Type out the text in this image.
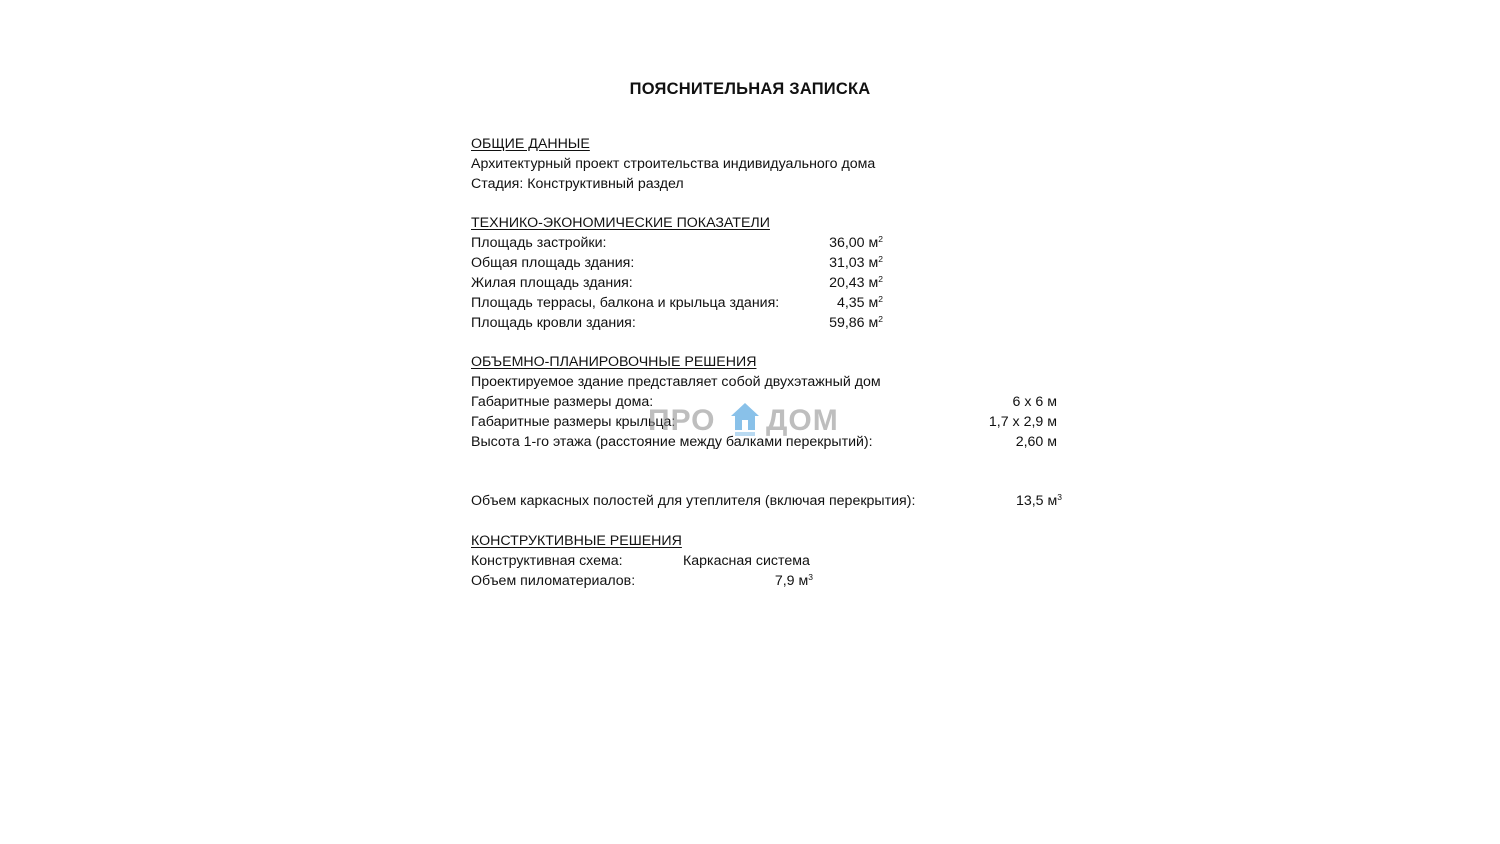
ПОЯСНИТЕЛЬНАЯ ЗАПИСКА
ОБЩИЕ ДАННЫЕ
Архитектурный проект строительства индивидуального дома
Стадия: Конструктивный раздел
ТЕХНИКО-ЭКОНОМИЧЕСКИЕ ПОКАЗАТЕЛИ
Площадь застройки:	36,00 $м^2$
Общая площадь здания:	31,03 $м^2$
Жилая площадь здания:	20,43 $м^2$
Площадь террасы, балкона и крыльца здания:	4,35 $м^2$
Площадь кровли здания:	59,86 $м^2$
ОБЪЕМНО-ПЛАНИРОВОЧНЫЕ РЕШЕНИЯ
Проектируемое здание представляет собой двухэтажный дом
Габаритные размеры дома:	6 х 6 м
Габаритные размеры крыльца:	1,7 х 2,9 м
Высота 1-го этажа (расстояние между балками перекрытий):	2,60 м
Объем каркасных полостей для утеплителя (включая перекрытия):	13,5 $м^3$
КОНСТРУКТИВНЫЕ РЕШЕНИЯ
Конструктивная схема:	Каркасная система
Объем пиломатериалов:	7,9 $м^3$
ПРО ДОМ
